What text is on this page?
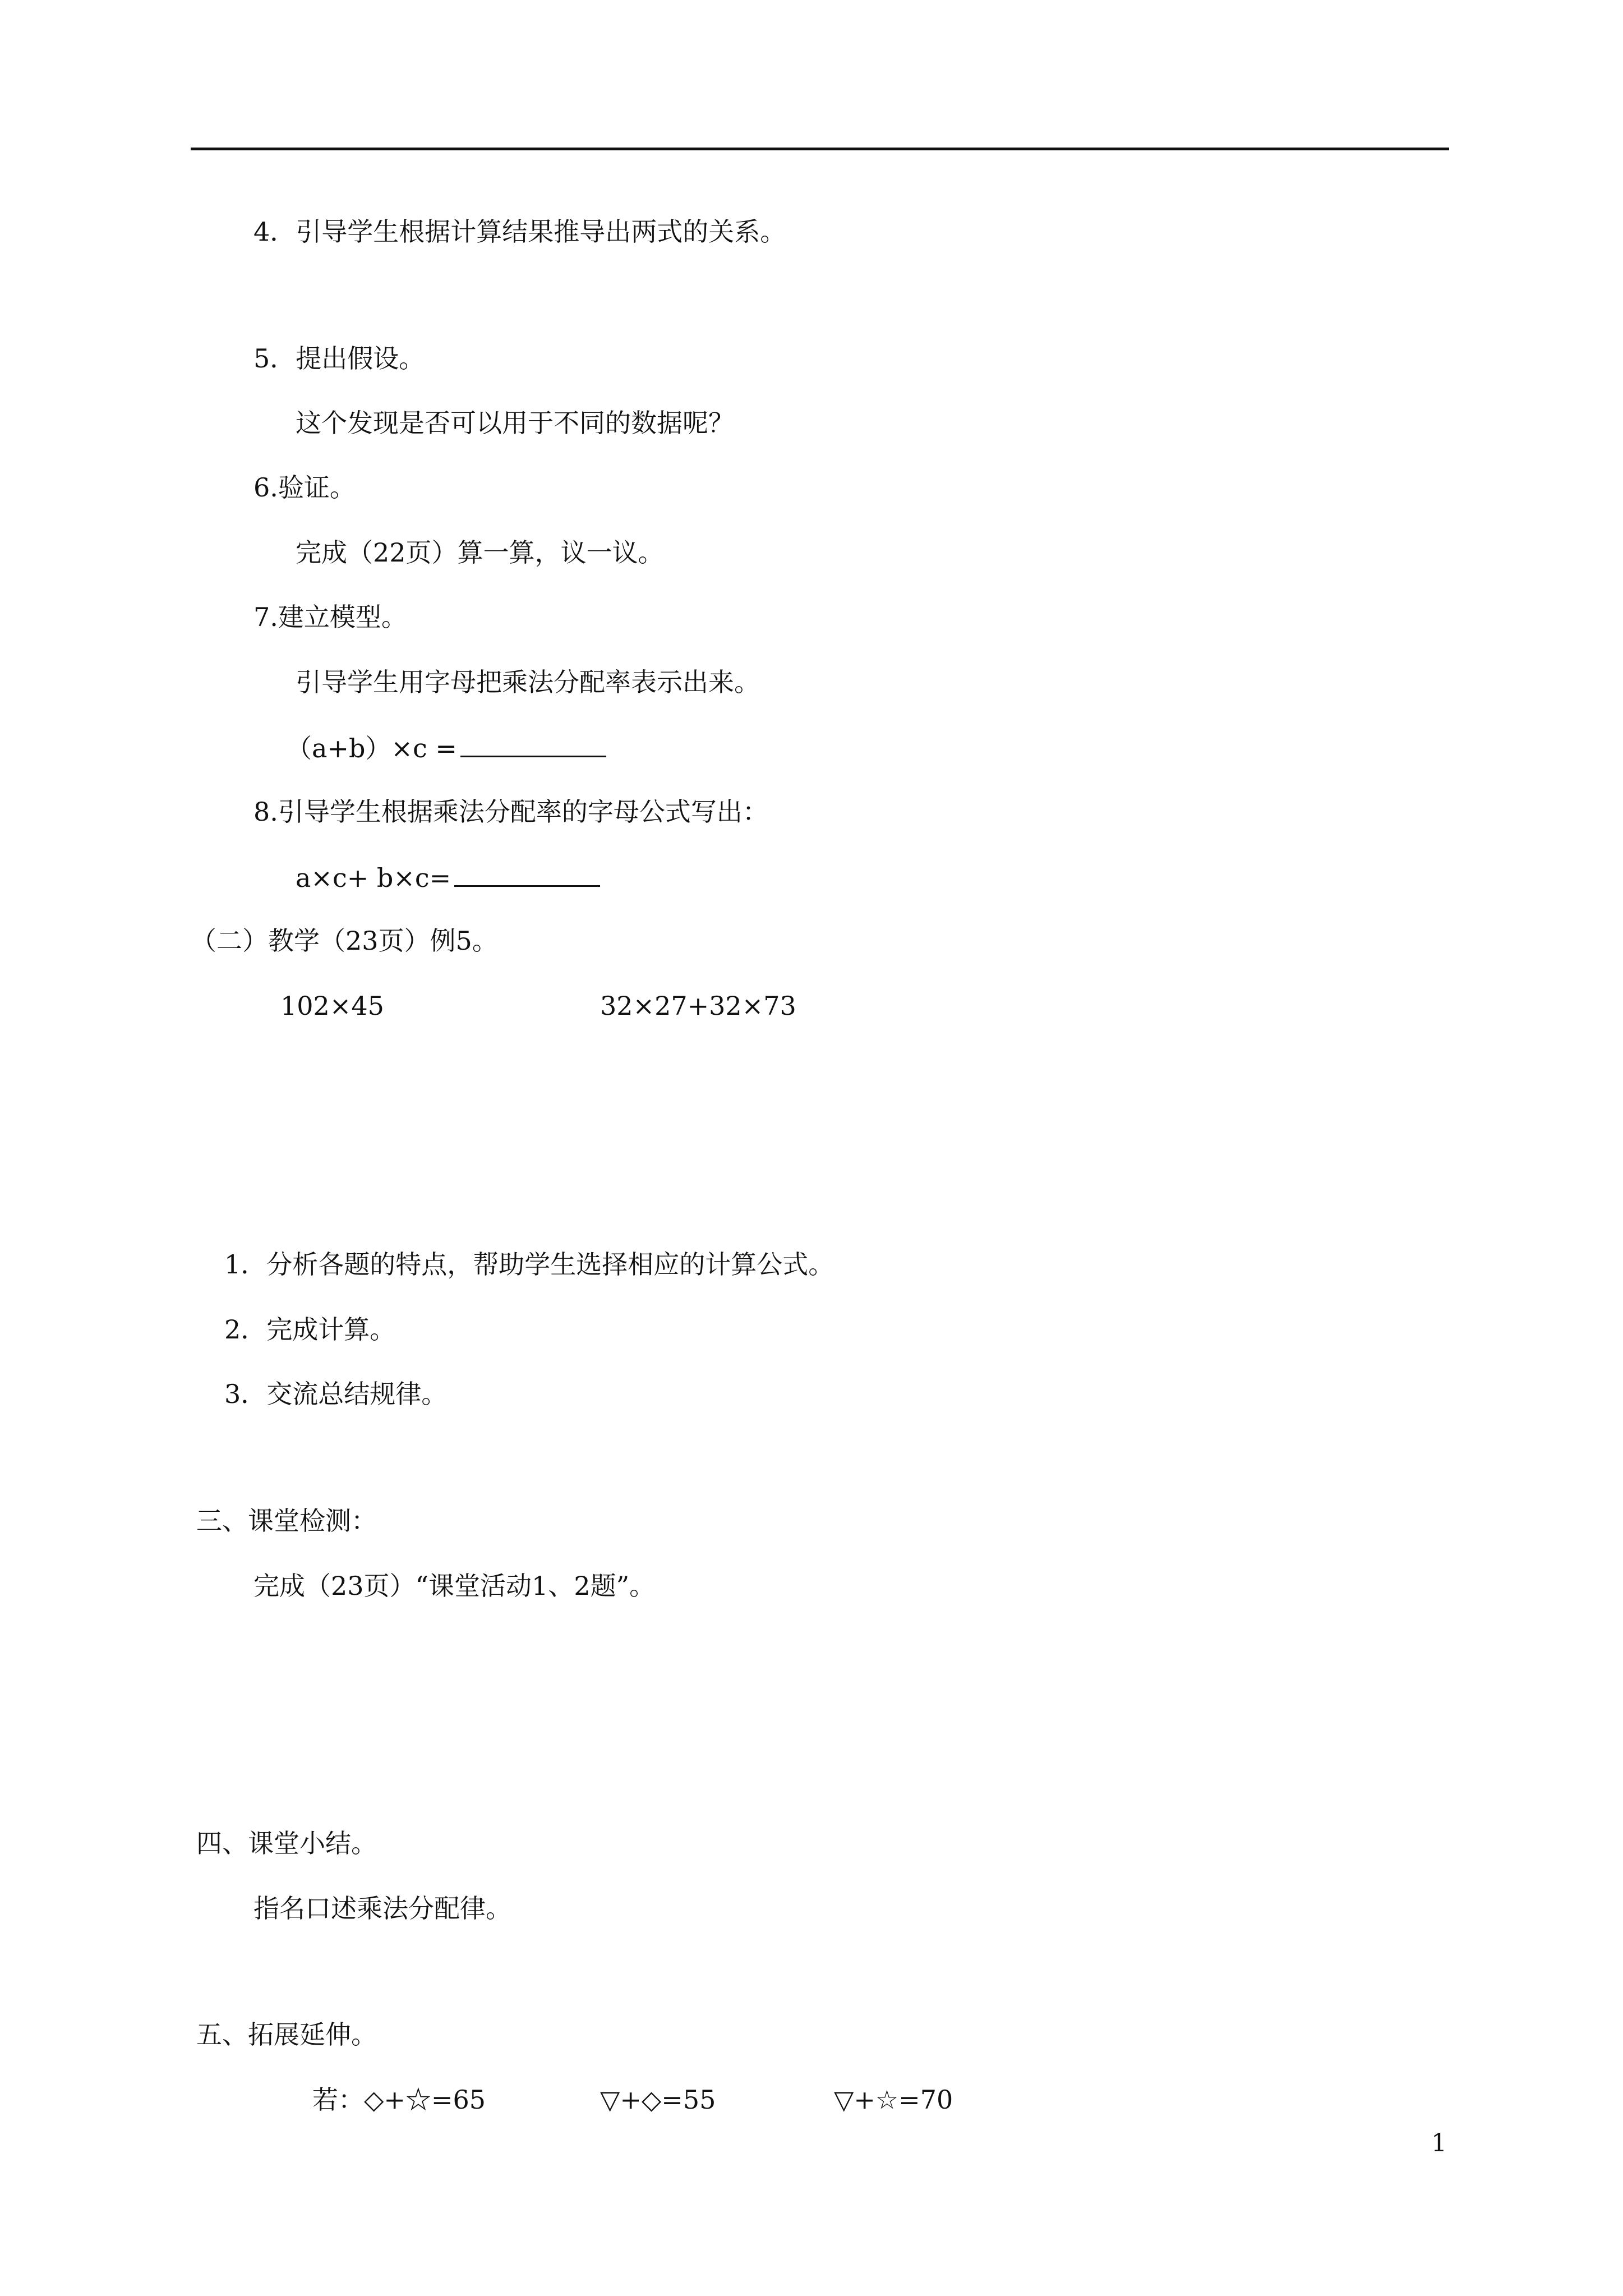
4．引导学生根据计算结果推导出两式的关系。
5．提出假设。
这个发现是否可以用于不同的数据呢？
6.验证。
完成（22页）算一算，议一议。
7.建立模型。
引导学生用字母把乘法分配率表示出来。
（a+b）×c =
8.引导学生根据乘法分配率的字母公式写出：
a×c+ b×c=
（二）教学（23页）例5。
102×45	32×27+32×73
1．分析各题的特点，帮助学生选择相应的计算公式。
2．完成计算。
3．交流总结规律。
三、课堂检测：
完成（23页）“课堂活动1、2题”。
四、课堂小结。
指名口述乘法分配律。
五、拓展延伸。
若：◇+☆=65	▽+◇=55	▽+☆=70
1
